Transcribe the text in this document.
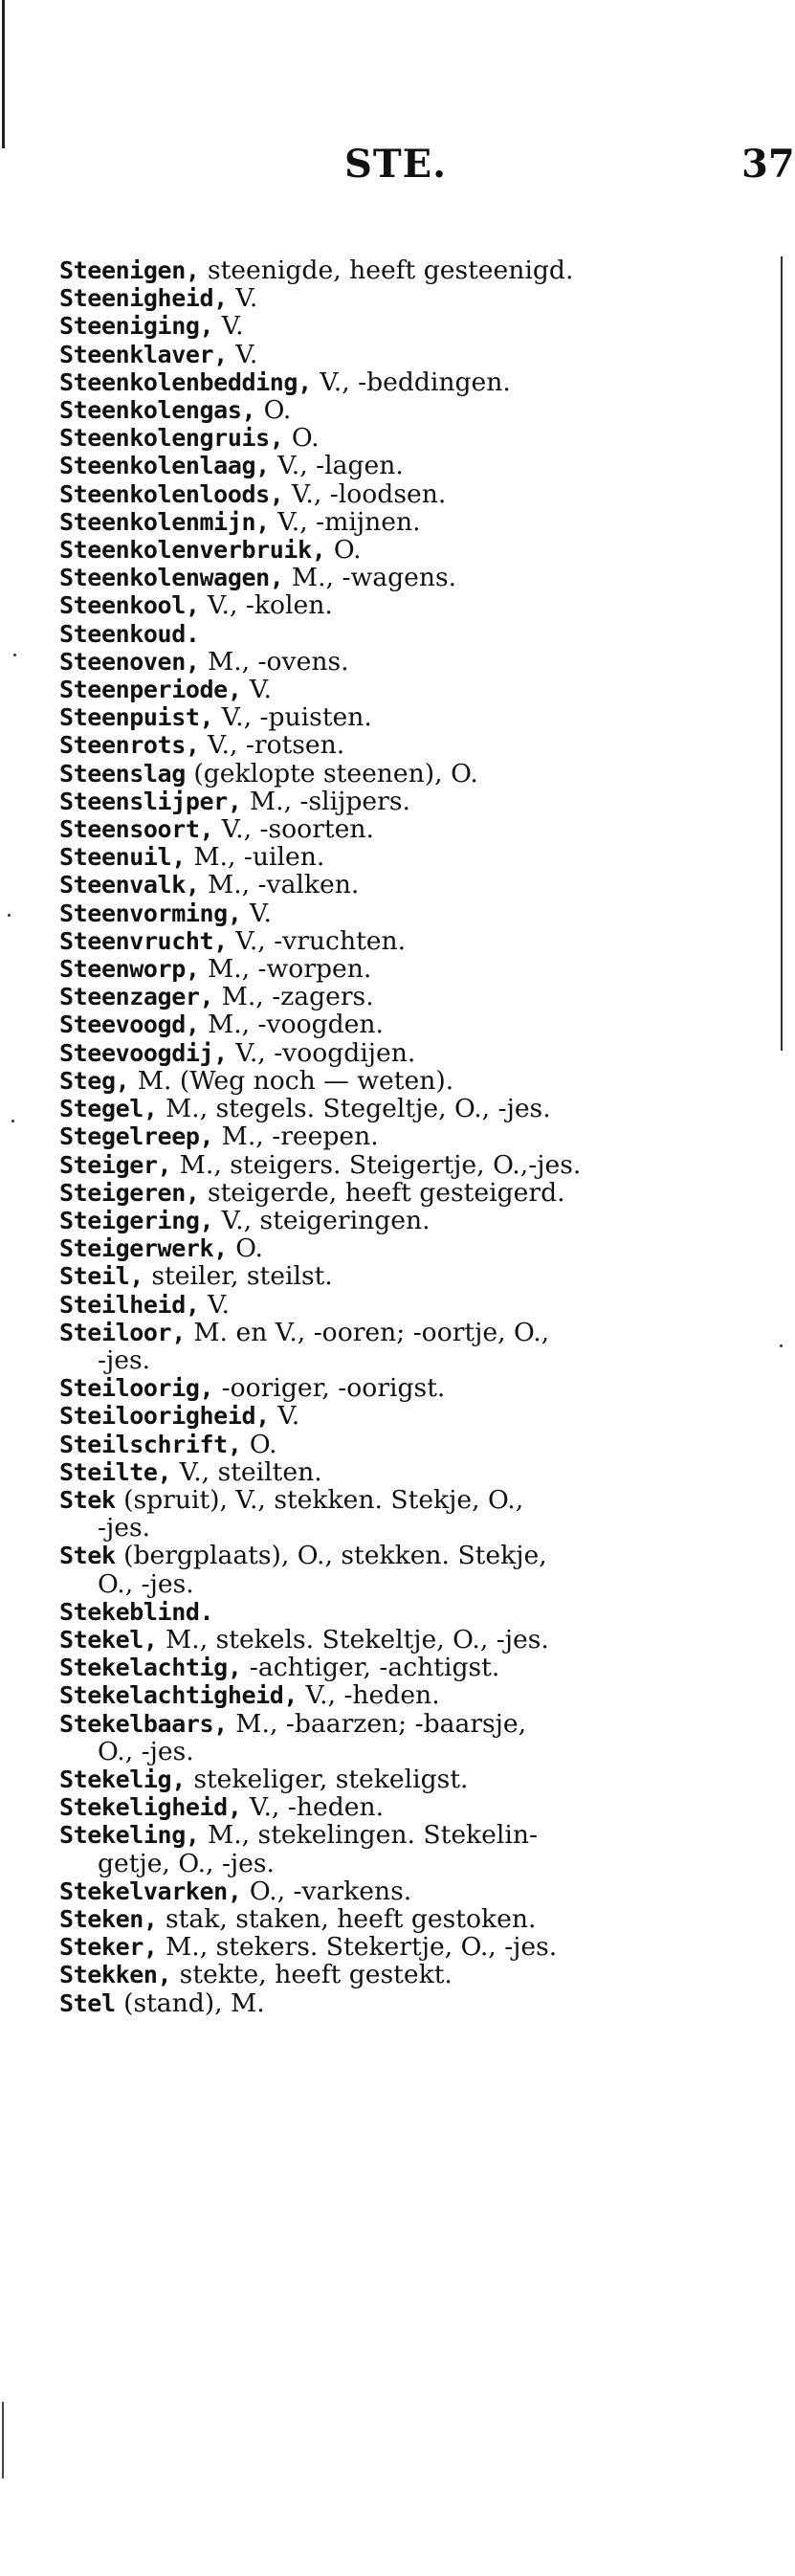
STE.	37
Steenigen, steenigde, heeft gesteenigd.
Steenigheid, V.
Steeniging, V.
Steenklaver, V.
Steenkolenbedding, V., -beddingen.
Steenkolengas, O.
Steenkolengruis, O.
Steenkolenlaag, V., -lagen.
Steenkolenloods, V., -loodsen.
Steenkolenmijn, V., -mijnen.
Steenkolenverbruik, O.
Steenkolenwagen, M., -wagens.
Steenkool, V., -kolen.
Steenkoud.
Steenoven, M., -ovens.
Steenperiode, V.
Steenpuist, V., -puisten.
Steenrots, V., -rotsen.
Steenslag (geklopte steenen), O.
Steenslijper, M., -slijpers.
Steensoort, V., -soorten.
Steenuil, M., -uilen.
Steenvalk, M., -valken.
Steenvorming, V.
Steenvrucht, V., -vruchten.
Steenworp, M., -worpen.
Steenzager, M., -zagers.
Steevoogd, M., -voogden.
Steevoogdij, V., -voogdijen.
Steg, M. (Weg noch — weten).
Stegel, M., stegels. Stegeltje, O., -jes.
Stegelreep, M., -reepen.
Steiger, M., steigers. Steigertje, O.,-jes.
Steigeren, steigerde, heeft gesteigerd.
Steigering, V., steigeringen.
Steigerwerk, O.
Steil, steiler, steilst.
Steilheid, V.
Steiloor, M. en V., -ooren; -oortje, O.,
-jes.
Steiloorig, -ooriger, -oorigst.
Steiloorigheid, V.
Steilschrift, O.
Steilte, V., steilten.
Stek (spruit), V., stekken. Stekje, O.,
-jes.
Stek (bergplaats), O., stekken. Stekje,
O., -jes.
Stekeblind.
Stekel, M., stekels. Stekeltje, O., -jes.
Stekelachtig, -achtiger, -achtigst.
Stekelachtigheid, V., -heden.
Stekelbaars, M., -baarzen; -baarsje,
O., -jes.
Stekelig, stekeliger, stekeligst.
Stekeligheid, V., -heden.
Stekeling, M., stekelingen. Stekelin-
getje, O., -jes.
Stekelvarken, O., -varkens.
Steken, stak, staken, heeft gestoken.
Steker, M., stekers. Stekertje, O., -jes.
Stekken, stekte, heeft gestekt.
Stel (stand), M.
